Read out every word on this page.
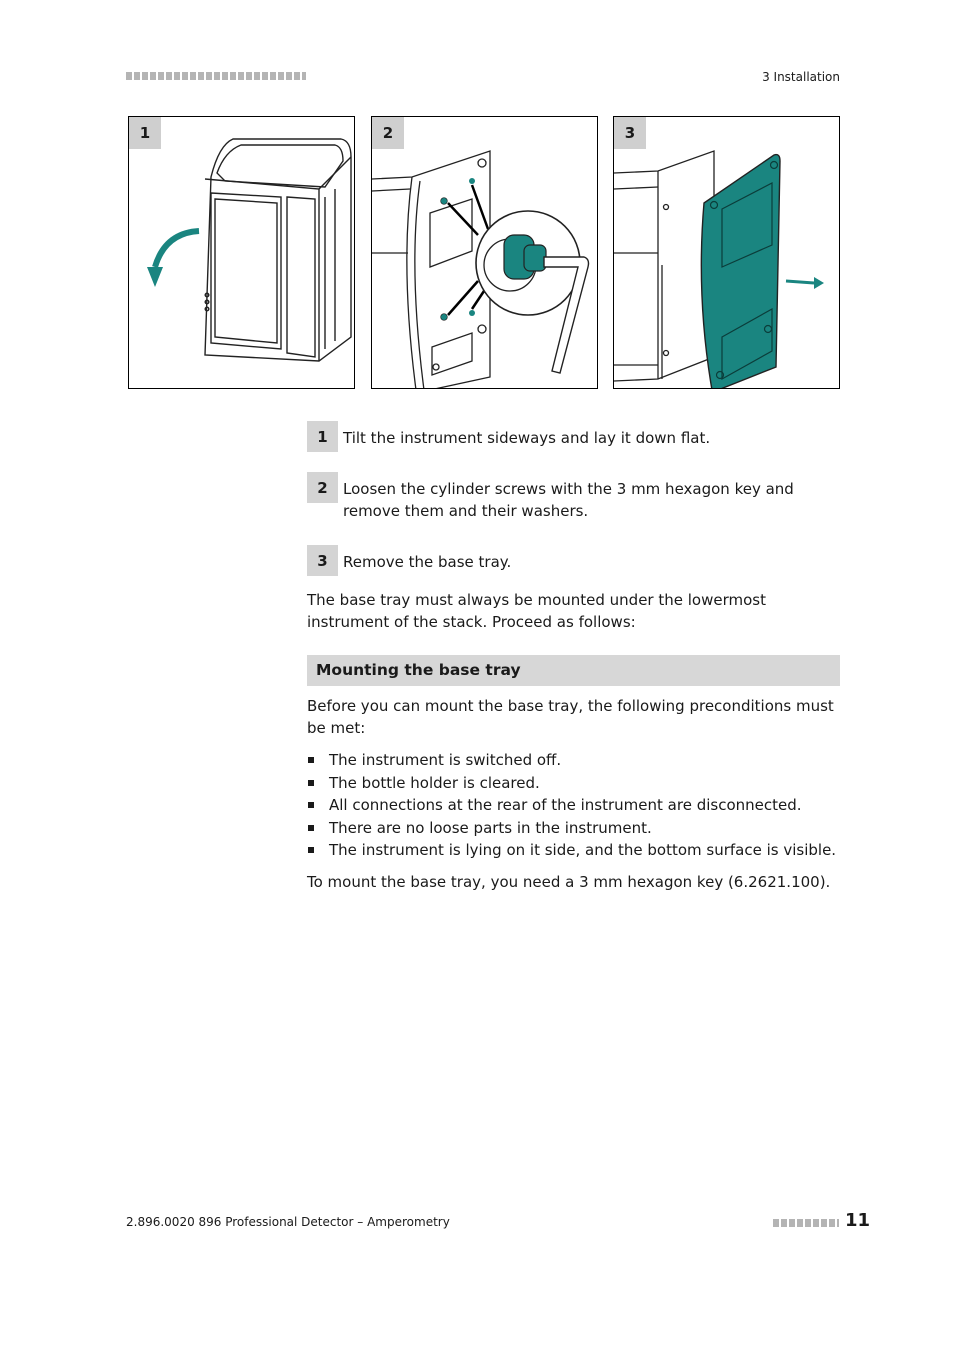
3 Installation
1	2	3
1	Tilt the instrument sideways and lay it down flat.
2	Loosen the cylinder screws with the 3 mm hexagon key and remove them and their washers.
3	Remove the base tray.

The base tray must always be mounted under the lowermost instrument of the stack. Proceed as follows:

Mounting the base tray

Before you can mount the base tray, the following preconditions must be met:

The instrument is switched off.
The bottle holder is cleared.
All connections at the rear of the instrument are disconnected.
There are no loose parts in the instrument.
The instrument is lying on it side, and the bottom surface is visible.

To mount the base tray, you need a 3 mm hexagon key (6.2621.100).

2.896.0020 896 Professional Detector – Amperometry	11
